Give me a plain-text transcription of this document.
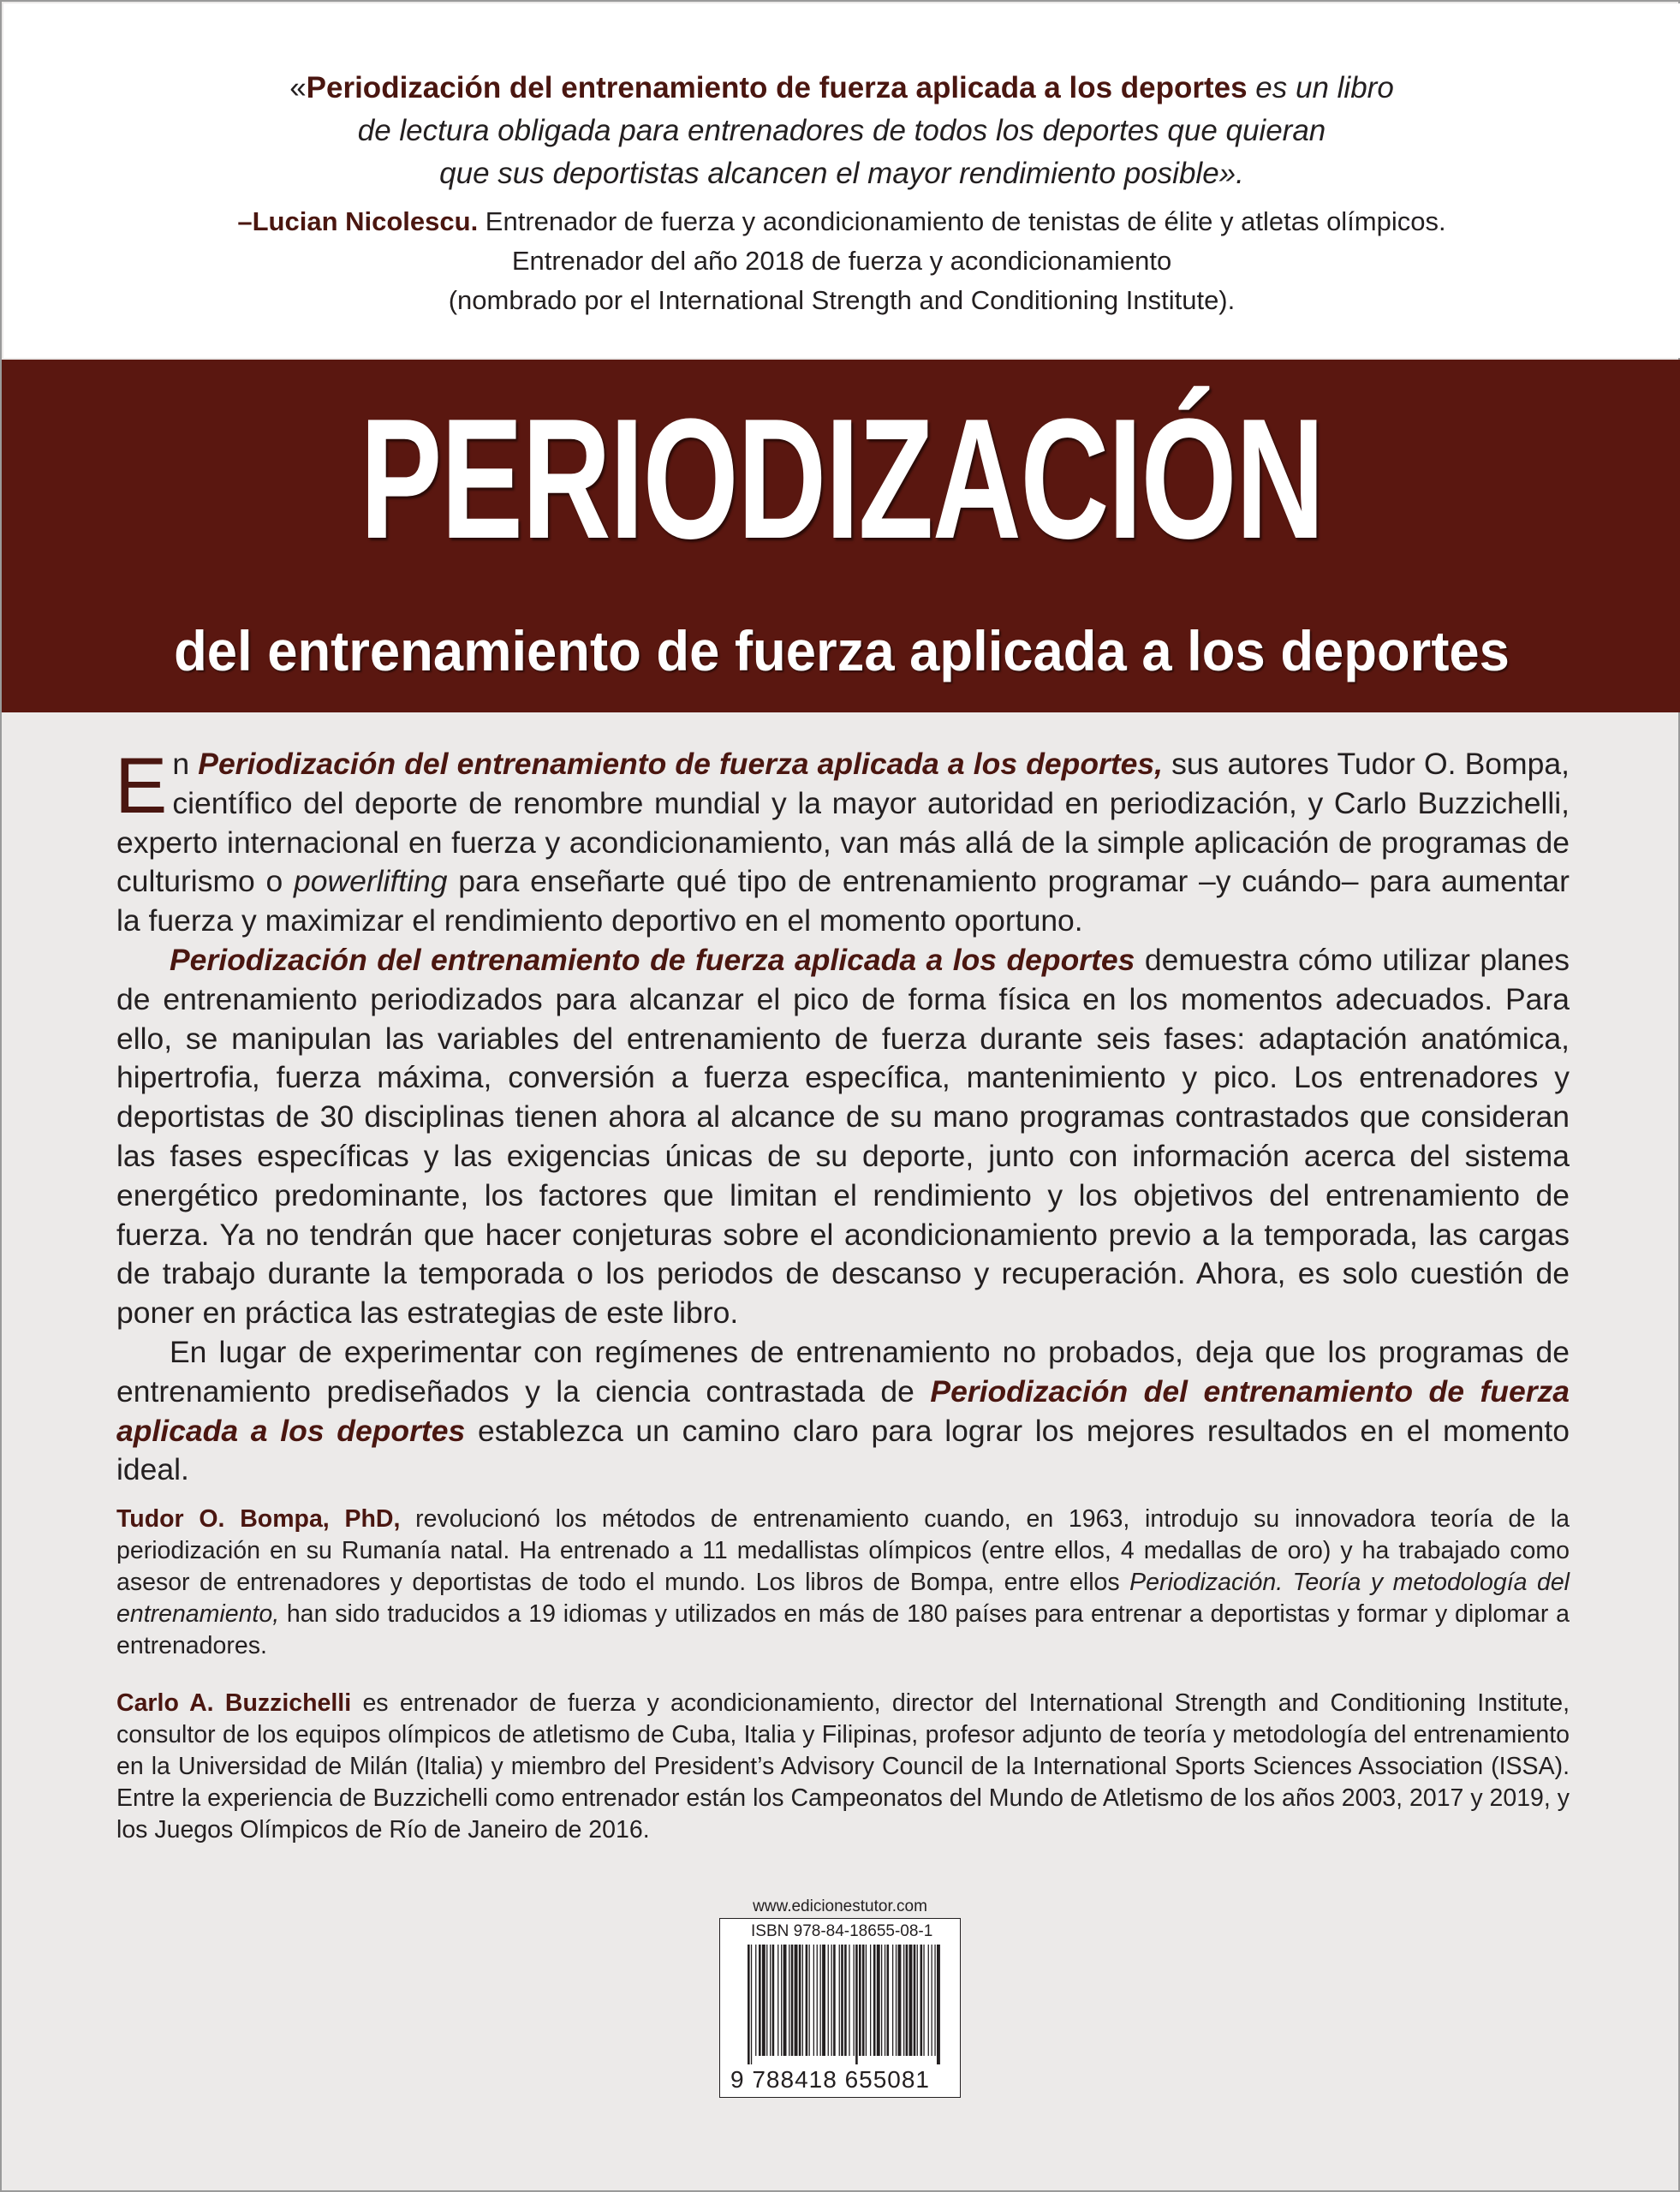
«Periodización del entrenamiento de fuerza aplicada a los deportes es un libro
de lectura obligada para entrenadores de todos los deportes que quieran
que sus deportistas alcancen el mayor rendimiento posible».
–Lucian Nicolescu. Entrenador de fuerza y acondicionamiento de tenistas de élite y atletas olímpicos.
Entrenador del año 2018 de fuerza y acondicionamiento
(nombrado por el International Strength and Conditioning Institute).
PERIODIZACIÓN
del entrenamiento de fuerza aplicada a los deportes

En Periodización del entrenamiento de fuerza aplicada a los deportes, sus autores Tudor O. Bompa, científico del deporte de renombre mundial y la mayor autoridad en periodización, y Carlo Buzzichelli, experto internacional en fuerza y acondicionamiento, van más allá de la simple aplicación de programas de culturismo o powerlifting para enseñarte qué tipo de entrenamiento programar –y cuándo– para aumentar la fuerza y maximizar el rendimiento deportivo en el momento oportuno.

Periodización del entrenamiento de fuerza aplicada a los deportes demuestra cómo utilizar planes de entrenamiento periodizados para alcanzar el pico de forma física en los momentos adecuados. Para ello, se manipulan las variables del entrenamiento de fuerza durante seis fases: adaptación anatómica, hipertrofia, fuerza máxima, conversión a fuerza específica, mantenimiento y pico. Los entrenadores y deportistas de 30 disciplinas tienen ahora al alcance de su mano programas contrastados que consideran las fases específicas y las exigencias únicas de su deporte, junto con información acerca del sistema energético predominante, los factores que limitan el rendimiento y los objetivos del entrenamiento de fuerza. Ya no tendrán que hacer conjeturas sobre el acondicionamiento previo a la temporada, las cargas de trabajo durante la temporada o los periodos de descanso y recuperación. Ahora, es solo cuestión de poner en práctica las estrategias de este libro.

En lugar de experimentar con regímenes de entrenamiento no probados, deja que los programas de entrenamiento prediseñados y la ciencia contrastada de Periodización del entrenamiento de fuerza aplicada a los deportes establezca un camino claro para lograr los mejores resultados en el momento ideal.

Tudor O. Bompa, PhD, revolucionó los métodos de entrenamiento cuando, en 1963, introdujo su innovadora teoría de la periodización en su Rumanía natal. Ha entrenado a 11 medallistas olímpicos (entre ellos, 4 medallas de oro) y ha trabajado como asesor de entrenadores y deportistas de todo el mundo. Los libros de Bompa, entre ellos Periodización. Teoría y metodología del entrenamiento, han sido traducidos a 19 idiomas y utilizados en más de 180 países para entrenar a deportistas y formar y diplomar a entrenadores.
Carlo A. Buzzichelli es entrenador de fuerza y acondicionamiento, director del International Strength and Conditioning Institute, consultor de los equipos olímpicos de atletismo de Cuba, Italia y Filipinas, profesor adjunto de teoría y metodología del entrenamiento en la Universidad de Milán (Italia) y miembro del President’s Advisory Council de la International Sports Sciences Association (ISSA). Entre la experiencia de Buzzichelli como entrenador están los Campeonatos del Mundo de Atletismo de los años 2003, 2017 y 2019, y los Juegos Olímpicos de Río de Janeiro de 2016.
www.edicionestutor.com
ISBN 978-84-18655-08-1
9 788418 655081
